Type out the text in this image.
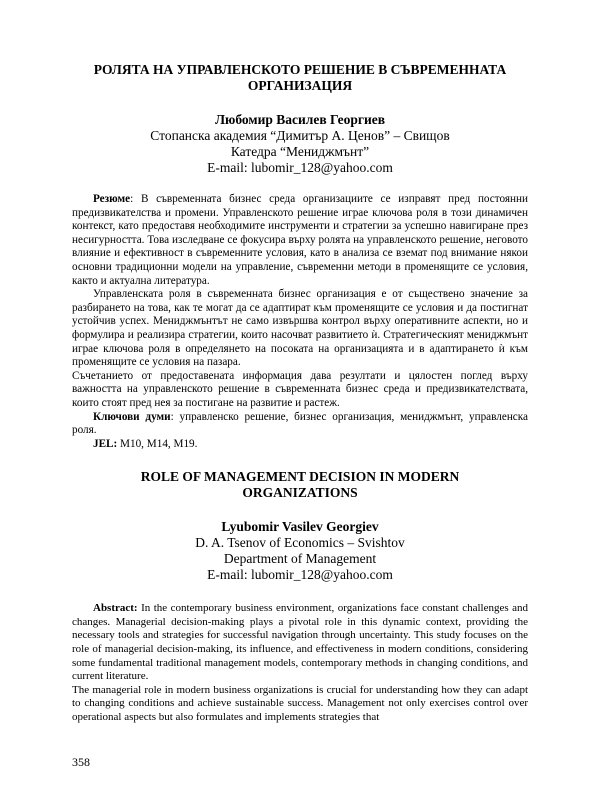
РОЛЯТА НА УПРАВЛЕНСКОТО РЕШЕНИЕ В СЪВРЕМЕННАТА
ОРГАНИЗАЦИЯ
Любомир Василев Георгиев
Стопанска академия “Димитър А. Ценов” – Свищов
Катедра “Мениджмънт”
E-mail: lubomir_128@yahoo.com

Резюме: В съвременната бизнес среда организациите се изправят пред постоянни предизвикателства и промени. Управленското решение играе ключова роля в този динамичен контекст, като предоставя необходимите инструменти и стратегии за успешно навигиране през несигурността. Това изследване се фокусира върху ролята на управленското решение, неговото влияние и ефективност в съвременните условия, като в анализа се вземат под внимание някои основни традиционни модели на управление, съвременни методи в променящите се условия, както и актуална литература.

Управленската роля в съвременната бизнес организация е от съществено значение за разбирането на това, как те могат да се адаптират към променящите се условия и да постигнат устойчив успех. Мениджмънтът не само извършва контрол върху оперативните аспекти, но и формулира и реализира стратегии, които насочват развитието ѝ. Стратегическият мениджмънт играе ключова роля в определянето на посоката на организацията и в адаптирането ѝ към променящите се условия на пазара.

Съчетанието от предоставената информация дава резултати и цялостен поглед върху важността на управленското решение в съвременната бизнес среда и предизвикателствата, които стоят пред нея за постигане на развитие и растеж.

Ключови думи: управленско решение, бизнес организация, мениджмънт, управленска роля.

JEL: M10, M14, M19.

ROLE OF MANAGEMENT DECISION IN MODERN
ORGANIZATIONS
Lyubomir Vasilev Georgiev
D. A. Tsenov of Economics – Svishtov
Department of Management
E-mail: lubomir_128@yahoo.com

Abstract: In the contemporary business environment, organizations face constant challenges and changes. Managerial decision-making plays a pivotal role in this dynamic context, providing the necessary tools and strategies for successful navigation through uncertainty. This study focuses on the role of managerial decision-making, its influence, and effectiveness in modern conditions, considering some fundamental traditional management models, contemporary methods in changing conditions, and current literature.

The managerial role in modern business organizations is crucial for understanding how they can adapt to changing conditions and achieve sustainable success. Management not only exercises control over operational aspects but also formulates and implements strategies that

358
